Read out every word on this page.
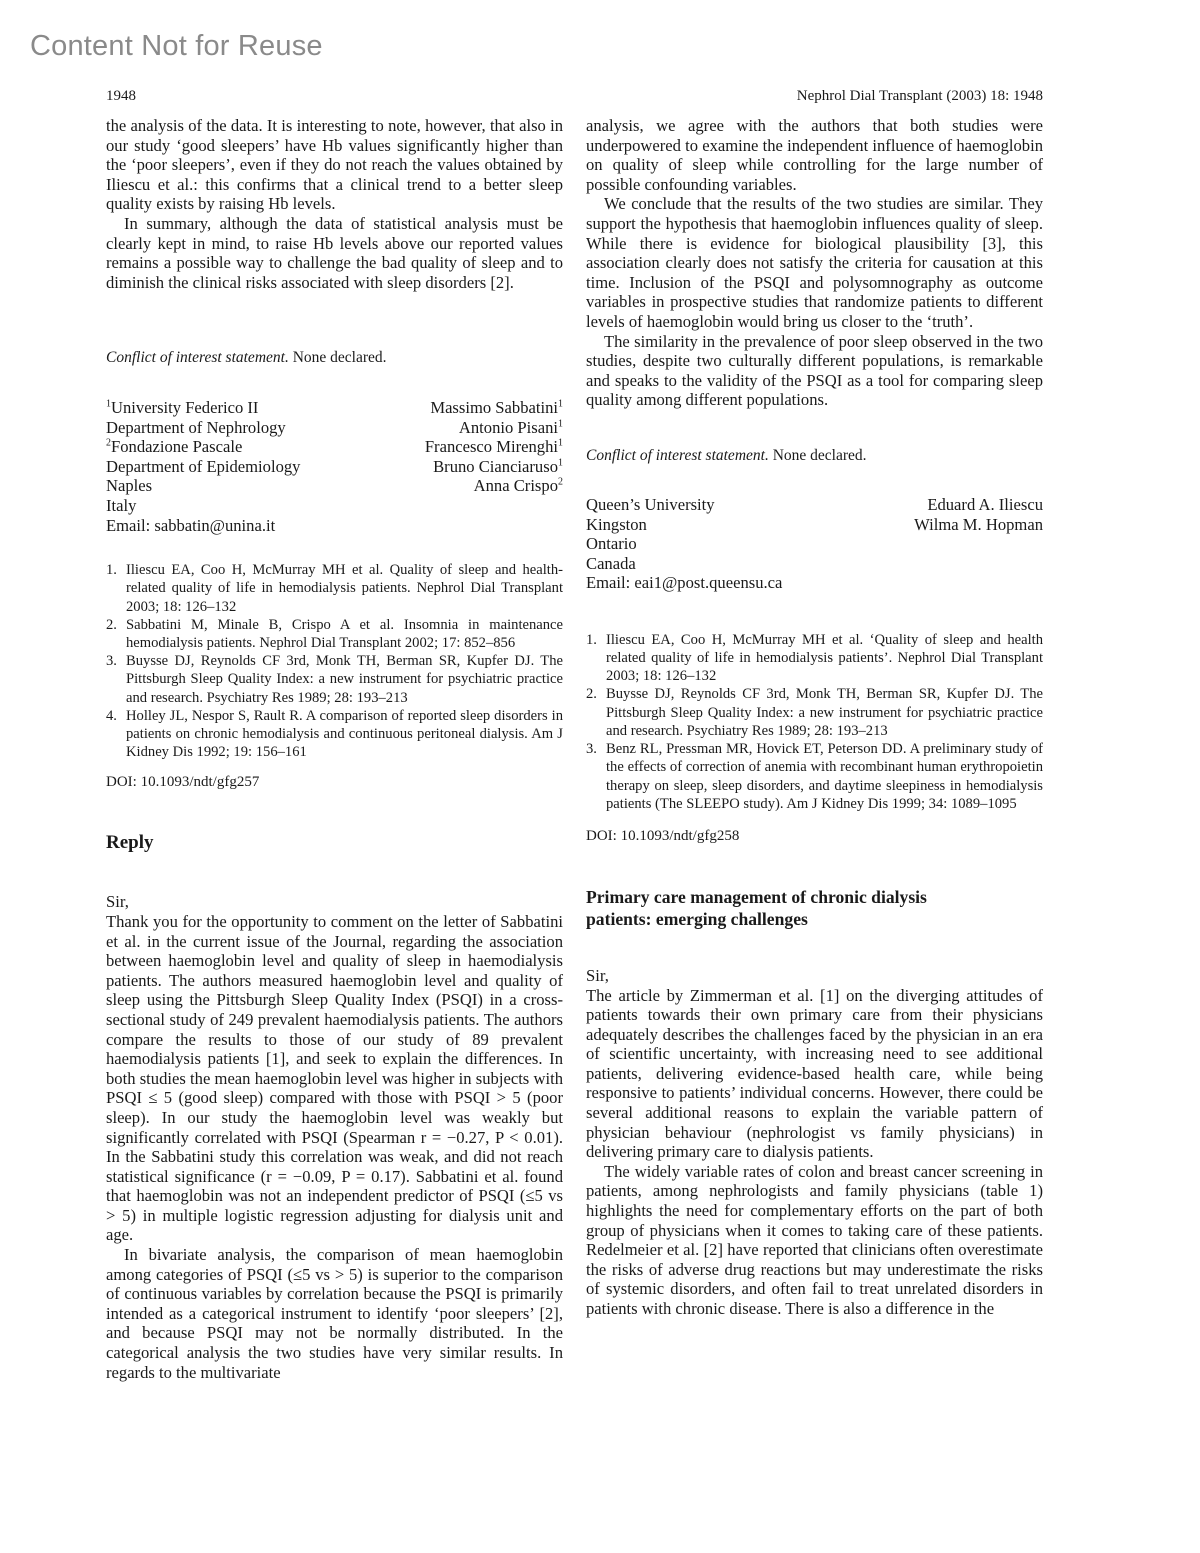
Content Not for Reuse
1948	Nephrol Dial Transplant (2003) 18: 1948

the analysis of the data. It is interesting to note, however, that also in our study ‘good sleepers’ have Hb values significantly higher than the ‘poor sleepers’, even if they do not reach the values obtained by Iliescu et al.: this confirms that a clinical trend to a better sleep quality exists by raising Hb levels.

In summary, although the data of statistical analysis must be clearly kept in mind, to raise Hb levels above our reported values remains a possible way to challenge the bad quality of sleep and to diminish the clinical risks associated with sleep disorders [2].

Conflict of interest statement. None declared.

$^1$University Federico II
Department of Nephrology
$^2$Fondazione Pascale
Department of Epidemiology
Naples
Italy
Email: sabbatin@unina.it
Massimo Sabbatini$^1$
Antonio Pisani$^1$
Francesco Mirenghi$^1$
Bruno Cianciaruso$^1$
Anna Crispo$^2$
1. Iliescu EA, Coo H, McMurray MH et al. Quality of sleep and health-related quality of life in hemodialysis patients. Nephrol Dial Transplant 2003; 18: 126–132
2. Sabbatini M, Minale B, Crispo A et al. Insomnia in maintenance hemodialysis patients. Nephrol Dial Transplant 2002; 17: 852–856
3. Buysse DJ, Reynolds CF 3rd, Monk TH, Berman SR, Kupfer DJ. The Pittsburgh Sleep Quality Index: a new instrument for psychiatric practice and research. Psychiatry Res 1989; 28: 193–213
4. Holley JL, Nespor S, Rault R. A comparison of reported sleep disorders in patients on chronic hemodialysis and continuous peritoneal dialysis. Am J Kidney Dis 1992; 19: 156–161

DOI: 10.1093/ndt/gfg257

Reply

Sir,

Thank you for the opportunity to comment on the letter of Sabbatini et al. in the current issue of the Journal, regarding the association between haemoglobin level and quality of sleep in haemodialysis patients. The authors measured haemoglobin level and quality of sleep using the Pittsburgh Sleep Quality Index (PSQI) in a cross-sectional study of 249 prevalent haemodialysis patients. The authors compare the results to those of our study of 89 prevalent haemodialysis patients [1], and seek to explain the differences. In both studies the mean haemoglobin level was higher in subjects with PSQI ≤ 5 (good sleep) compared with those with PSQI > 5 (poor sleep). In our study the haemoglobin level was weakly but significantly correlated with PSQI (Spearman r = −0.27, P < 0.01). In the Sabbatini study this correlation was weak, and did not reach statistical significance (r = −0.09, P = 0.17). Sabbatini et al. found that haemoglobin was not an independent predictor of PSQI (≤5 vs > 5) in multiple logistic regression adjusting for dialysis unit and age.

In bivariate analysis, the comparison of mean haemoglobin among categories of PSQI (≤5 vs > 5) is superior to the comparison of continuous variables by correlation because the PSQI is primarily intended as a categorical instrument to identify ‘poor sleepers’ [2], and because PSQI may not be normally distributed. In the categorical analysis the two studies have very similar results. In regards to the multivariate

analysis, we agree with the authors that both studies were underpowered to examine the independent influence of haemoglobin on quality of sleep while controlling for the large number of possible confounding variables.

We conclude that the results of the two studies are similar. They support the hypothesis that haemoglobin influences quality of sleep. While there is evidence for biological plausibility [3], this association clearly does not satisfy the criteria for causation at this time. Inclusion of the PSQI and polysomnography as outcome variables in prospective studies that randomize patients to different levels of haemoglobin would bring us closer to the ‘truth’.

The similarity in the prevalence of poor sleep observed in the two studies, despite two culturally different populations, is remarkable and speaks to the validity of the PSQI as a tool for comparing sleep quality among different populations.

Conflict of interest statement. None declared.

Queen’s University
Kingston
Ontario
Canada
Email: eai1@post.queensu.ca
Eduard A. Iliescu
Wilma M. Hopman
1. Iliescu EA, Coo H, McMurray MH et al. ‘Quality of sleep and health related quality of life in hemodialysis patients’. Nephrol Dial Transplant 2003; 18: 126–132
2. Buysse DJ, Reynolds CF 3rd, Monk TH, Berman SR, Kupfer DJ. The Pittsburgh Sleep Quality Index: a new instrument for psychiatric practice and research. Psychiatry Res 1989; 28: 193–213
3. Benz RL, Pressman MR, Hovick ET, Peterson DD. A preliminary study of the effects of correction of anemia with recombinant human erythropoietin therapy on sleep, sleep disorders, and daytime sleepiness in hemodialysis patients (The SLEEPO study). Am J Kidney Dis 1999; 34: 1089–1095

DOI: 10.1093/ndt/gfg258

Primary care management of chronic dialysis patients: emerging challenges

Sir,

The article by Zimmerman et al. [1] on the diverging attitudes of patients towards their own primary care from their physicians adequately describes the challenges faced by the physician in an era of scientific uncertainty, with increasing need to see additional patients, delivering evidence-based health care, while being responsive to patients’ individual concerns. However, there could be several additional reasons to explain the variable pattern of physician behaviour (nephrologist vs family physicians) in delivering primary care to dialysis patients.

The widely variable rates of colon and breast cancer screening in patients, among nephrologists and family physicians (table 1) highlights the need for complementary efforts on the part of both group of physicians when it comes to taking care of these patients. Redelmeier et al. [2] have reported that clinicians often overestimate the risks of adverse drug reactions but may underestimate the risks of systemic disorders, and often fail to treat unrelated disorders in patients with chronic disease. There is also a difference in the
